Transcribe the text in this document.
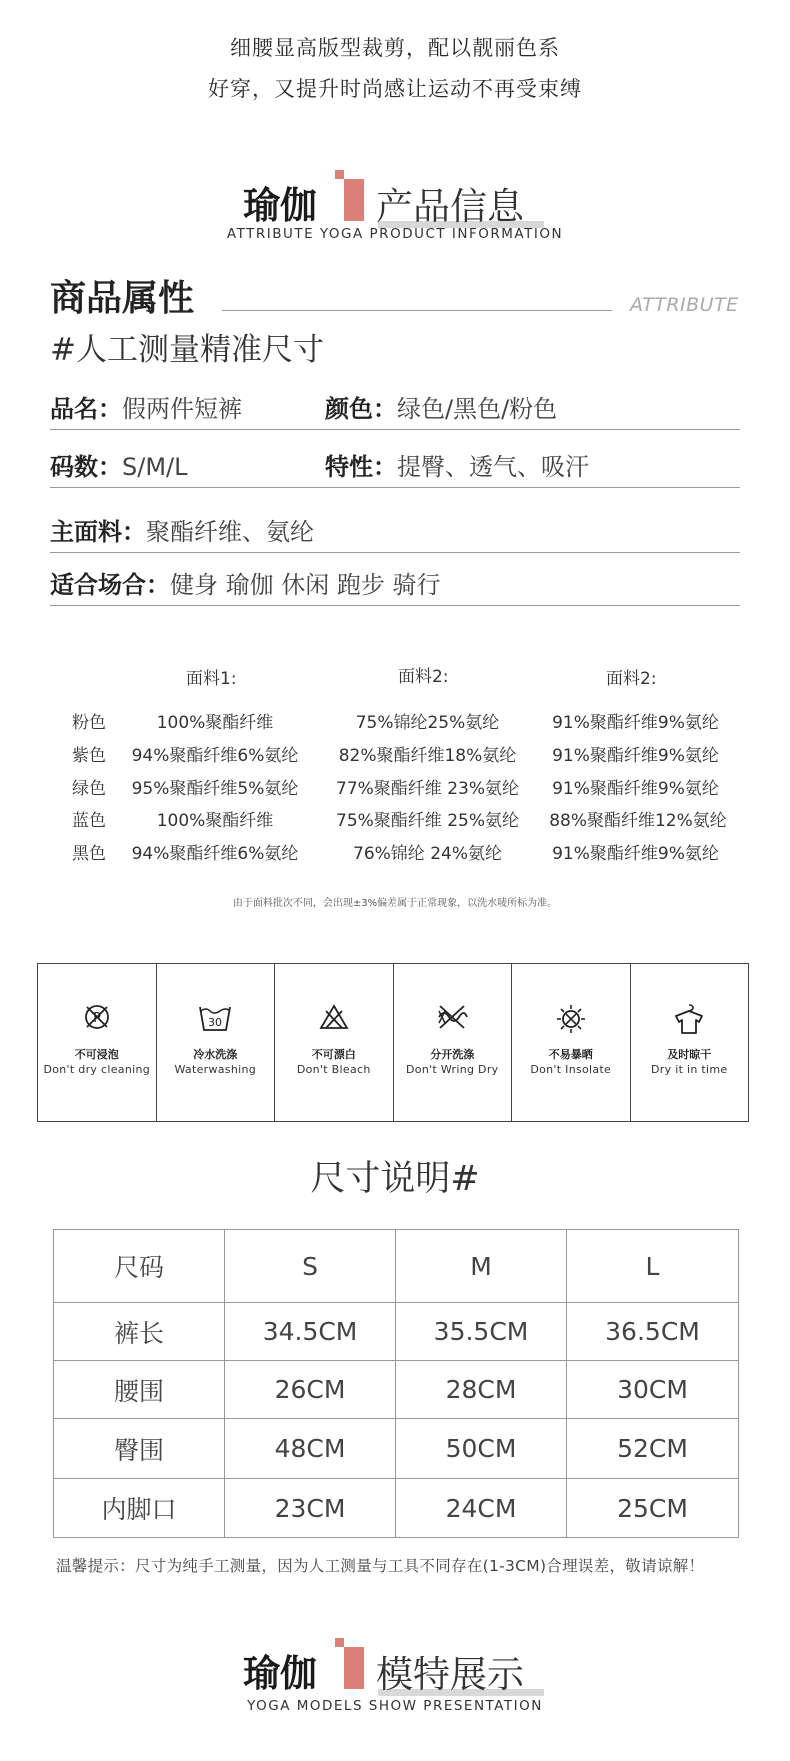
细腰显高版型裁剪，配以靓丽色系
好穿，又提升时尚感让运动不再受束缚
瑜伽 产品信息
ATTRIBUTE YOGA PRODUCT INFORMATION
商品属性	ATTRIBUTE
#人工测量精准尺寸
品名：假两件短裤	颜色：绿色/黑色/粉色
码数：S/M/L	特性：提臀、透气、吸汗
主面料：聚酯纤维、氨纶
适合场合：健身 瑜伽 休闲 跑步 骑行
面料1:	面料2:	面料2:
粉色	100%聚酯纤维	75%锦纶25%氨纶	91%聚酯纤维9%氨纶
紫色	94%聚酯纤维6%氨纶	82%聚酯纤维18%氨纶	91%聚酯纤维9%氨纶
绿色	95%聚酯纤维5%氨纶	77%聚酯纤维 23%氨纶	91%聚酯纤维9%氨纶
蓝色	100%聚酯纤维	75%聚酯纤维 25%氨纶	88%聚酯纤维12%氨纶
黑色	94%聚酯纤维6%氨纶	76%锦纶 24%氨纶	91%聚酯纤维9%氨纶
由于面料批次不同，会出现±3%偏差属于正常现象，以洗水唛所标为准。
P
不可浸泡
Don't dry cleaning
30
冷水洗涤
Waterwashing
不可漂白
Don't Bleach
分开洗涤
Don't Wring Dry
不易暴晒
Don't Insolate
及时晾干
Dry it in time
尺寸说明#
尺码	S	M	L
裤长	34.5CM	35.5CM	36.5CM
腰围	26CM	28CM	30CM
臀围	48CM	50CM	52CM
内脚口	23CM	24CM	25CM
温馨提示：尺寸为纯手工测量，因为人工测量与工具不同存在(1-3CM)合理误差，敬请谅解！
瑜伽 模特展示
YOGA MODELS SHOW PRESENTATION
